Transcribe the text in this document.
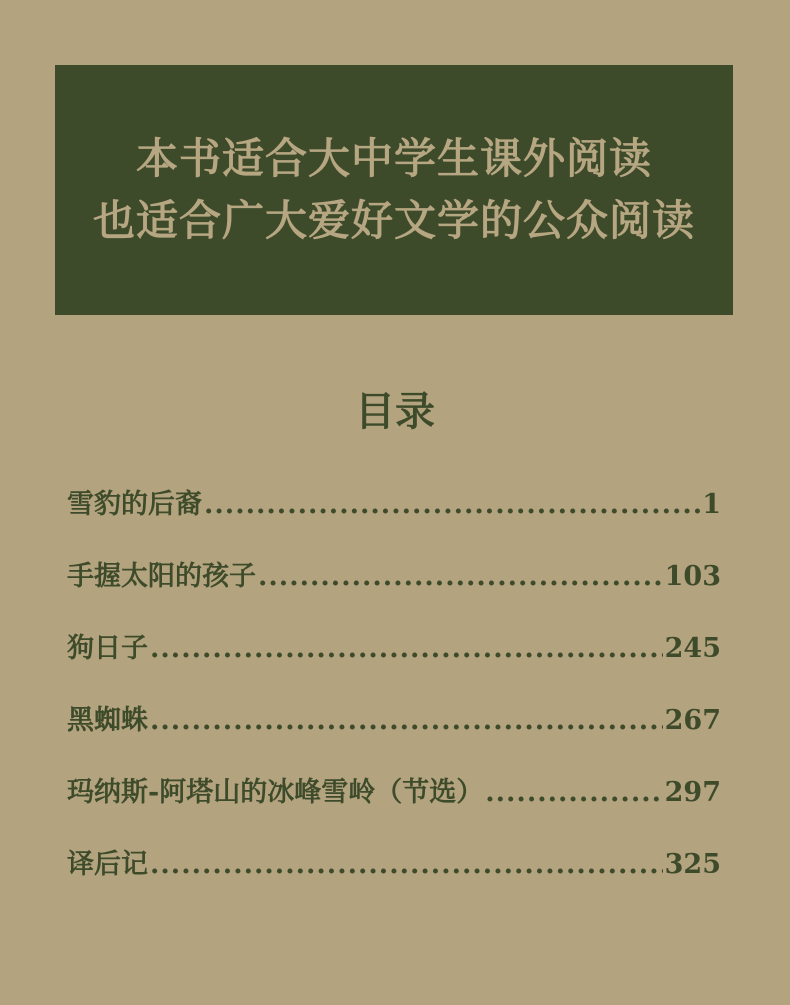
本书适合大中学生课外阅读
也适合广大爱好文学的公众阅读
目录
雪豹的后裔 .....	1
手握太阳的孩子 .....	103
狗日子 .....	245
黑蜘蛛 .....	267
玛纳斯-阿塔山的冰峰雪岭（节选） .....	297
译后记 .....	325
